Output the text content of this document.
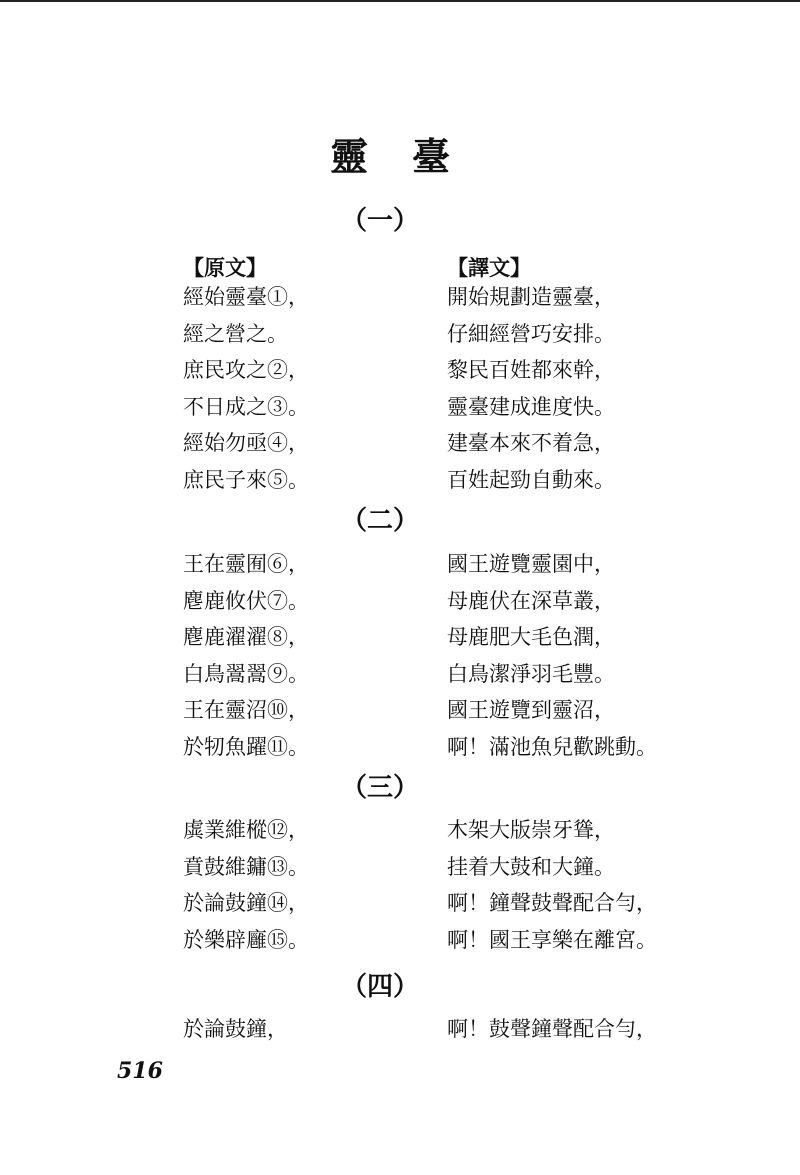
靈 臺
（一）
【原文】	【譯文】
經始靈臺①，
經之營之。
庶民攻之②，
不日成之③。
經始勿亟④，
庶民子來⑤。
開始規劃造靈臺，
仔細經營巧安排。
黎民百姓都來幹，
靈臺建成進度快。
建臺本來不着急，
百姓起勁自動來。
（二）
王在靈囿⑥，
麀鹿攸伏⑦。
麀鹿濯濯⑧，
白鳥翯翯⑨。
王在靈沼⑩，
於牣魚躍⑪。
國王遊覽靈園中，
母鹿伏在深草叢，
母鹿肥大毛色潤，
白鳥潔淨羽毛豐。
國王遊覽到靈沼，
啊！滿池魚兒歡跳動。
（三）
虡業維樅⑫，
賁鼓維鏞⑬。
於論鼓鐘⑭，
於樂辟廱⑮。
木架大版崇牙聳，
挂着大鼓和大鐘。
啊！鐘聲鼓聲配合勻，
啊！國王享樂在離宮。
（四）
於論鼓鐘，	啊！鼓聲鐘聲配合勻，
516
